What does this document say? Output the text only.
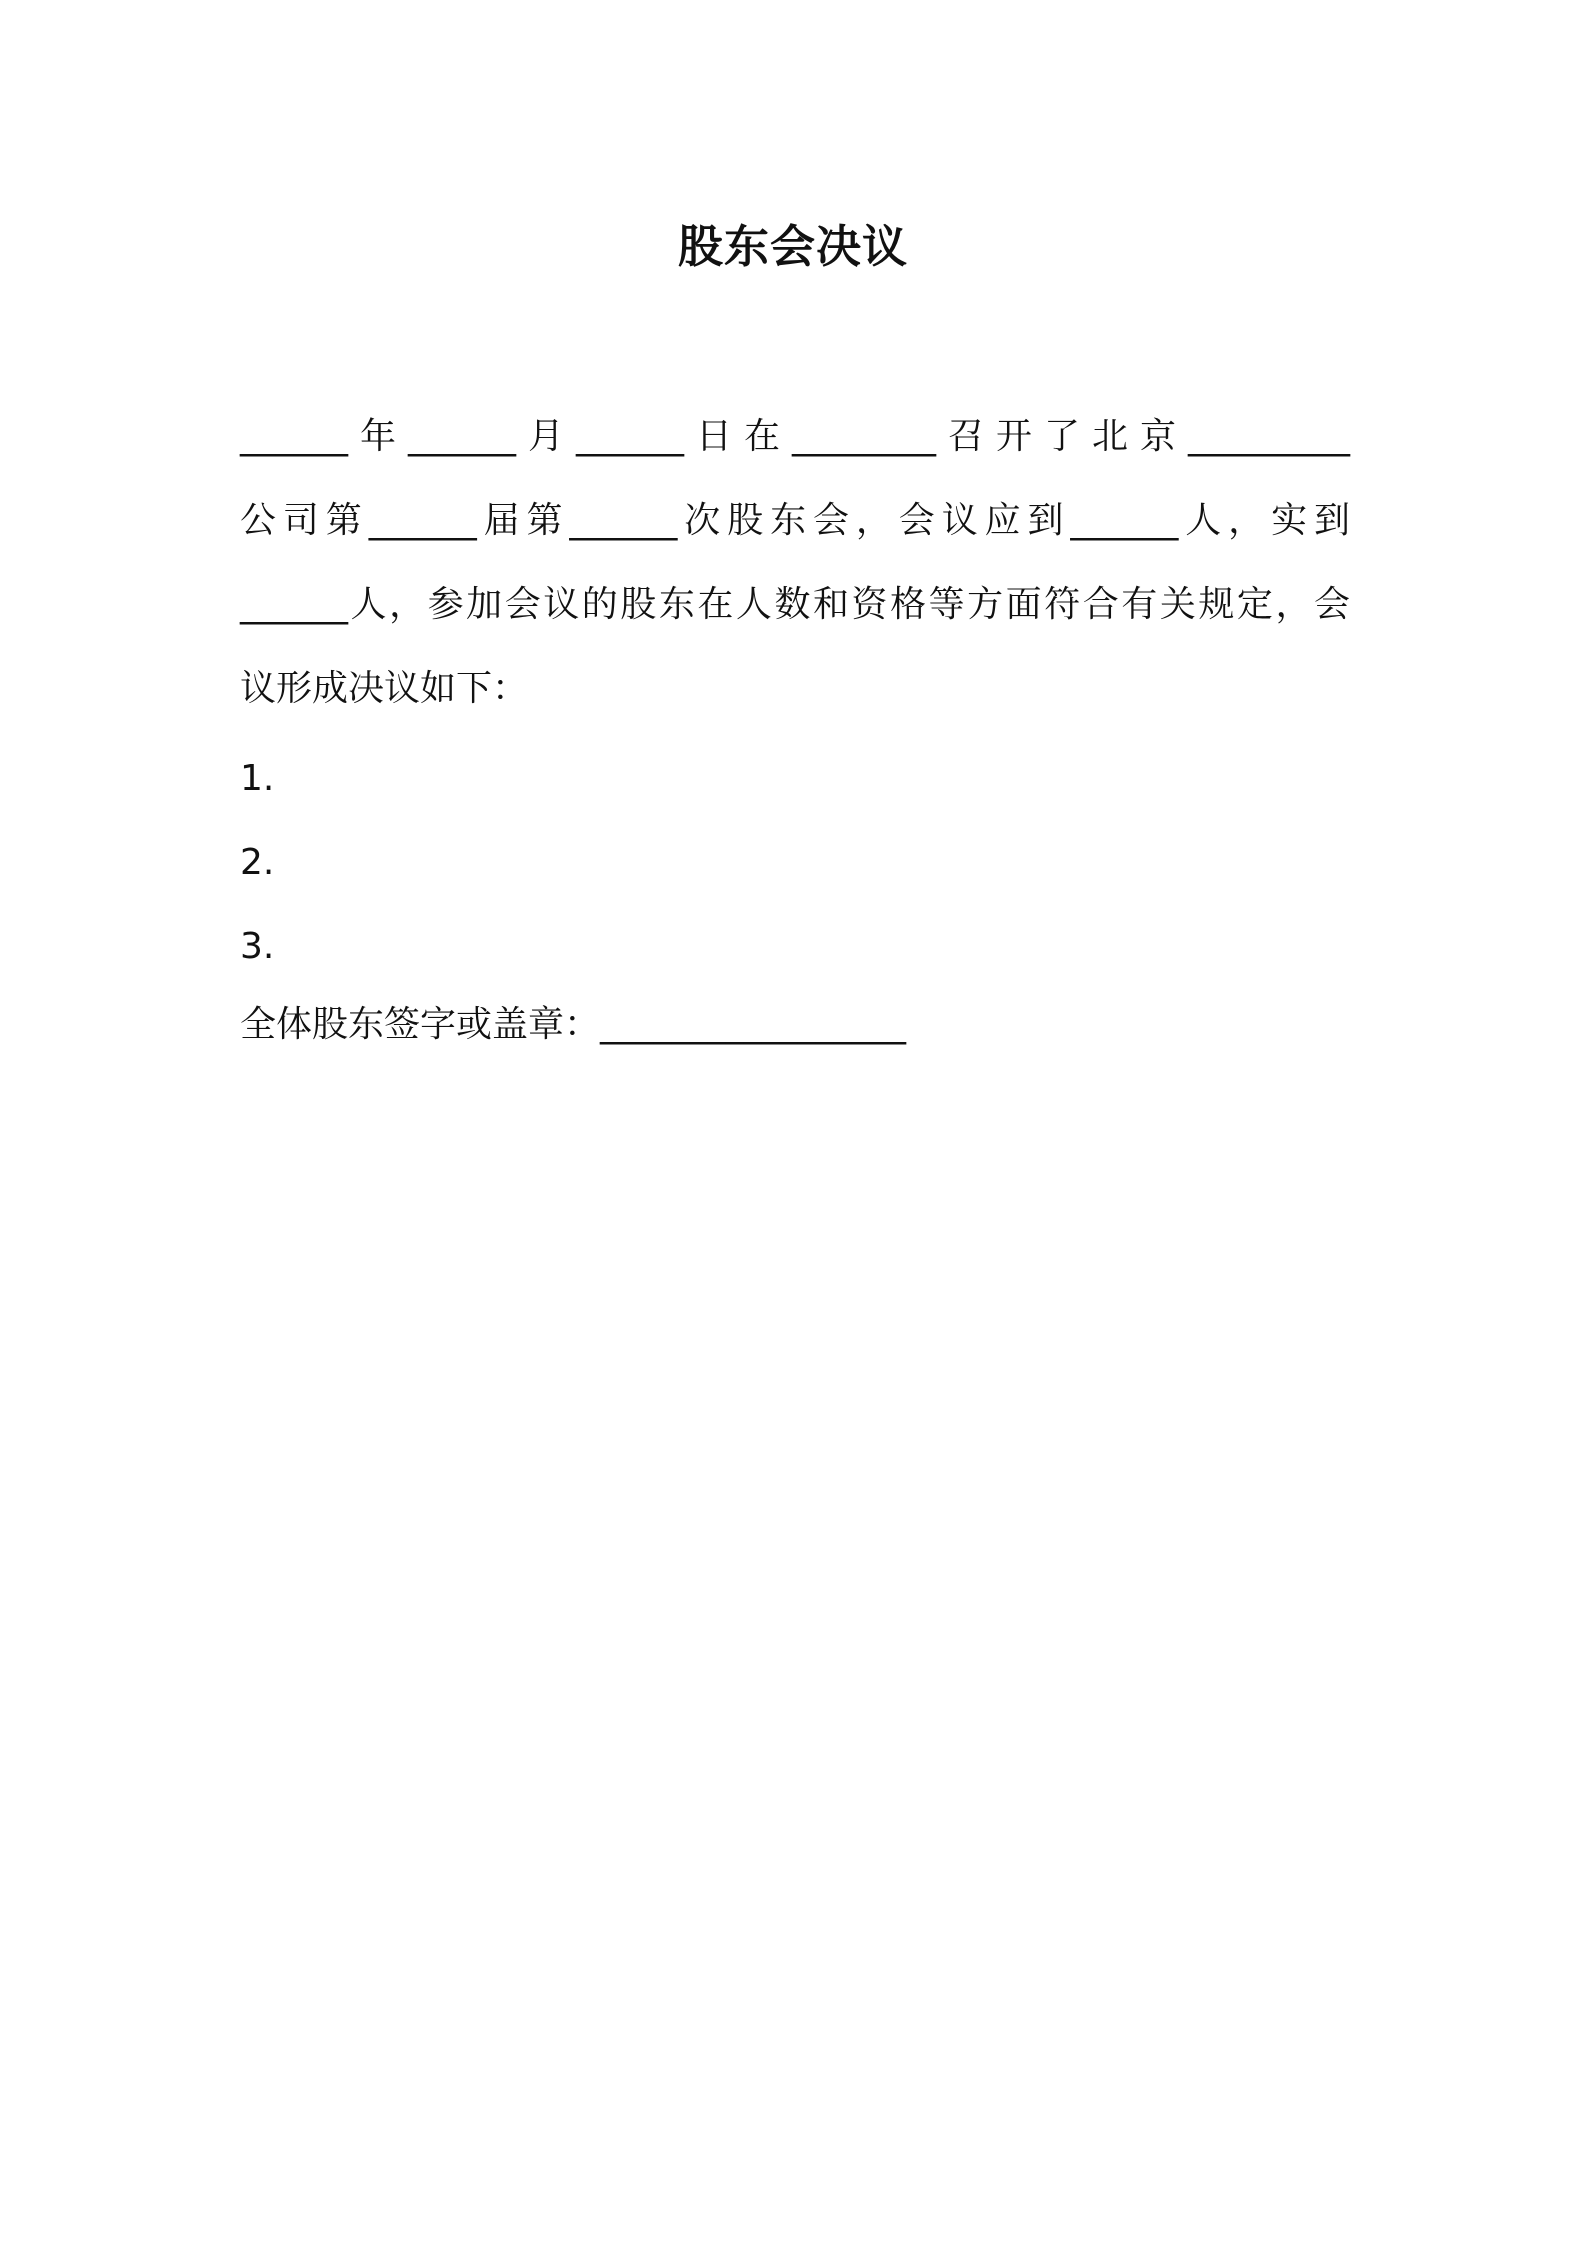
股东会决议

______年______月______日在________召开了北京_________

公司第______届第______次股东会，会议应到______人，实到

______人，参加会议的股东在人数和资格等方面符合有关规定，会

议形成决议如下：

1.

2.

3.

全体股东签字或盖章：_________________
